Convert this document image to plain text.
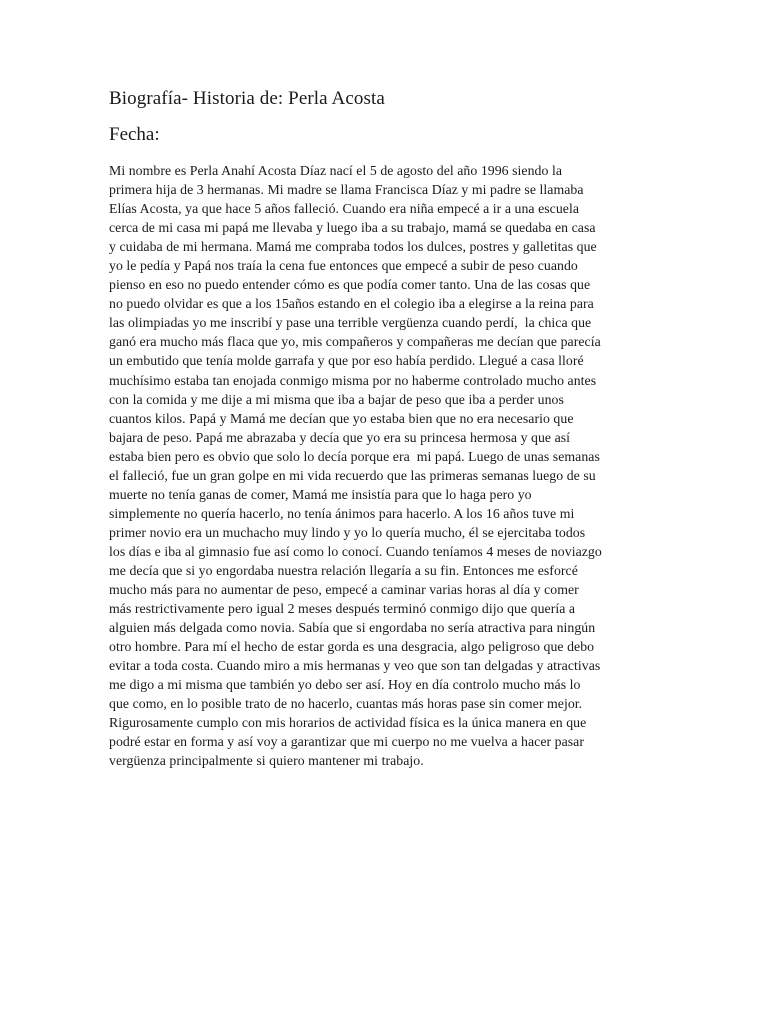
Biografía- Historia de: Perla Acosta
Fecha:
Mi nombre es Perla Anahí Acosta Díaz nací el 5 de agosto del año 1996 siendo la
primera hija de 3 hermanas. Mi madre se llama Francisca Díaz y mi padre se llamaba
Elías Acosta, ya que hace 5 años falleció. Cuando era niña empecé a ir a una escuela
cerca de mi casa mi papá me llevaba y luego iba a su trabajo, mamá se quedaba en casa
y cuidaba de mi hermana. Mamá me compraba todos los dulces, postres y galletitas que
yo le pedía y Papá nos traía la cena fue entonces que empecé a subir de peso cuando
pienso en eso no puedo entender cómo es que podía comer tanto. Una de las cosas que
no puedo olvidar es que a los 15años estando en el colegio iba a elegirse a la reina para
las olimpiadas yo me inscribí y pase una terrible vergüenza cuando perdí,  la chica que
ganó era mucho más flaca que yo, mis compañeros y compañeras me decían que parecía
un embutido que tenía molde garrafa y que por eso había perdido. Llegué a casa lloré
muchísimo estaba tan enojada conmigo misma por no haberme controlado mucho antes
con la comida y me dije a mi misma que iba a bajar de peso que iba a perder unos
cuantos kilos. Papá y Mamá me decían que yo estaba bien que no era necesario que
bajara de peso. Papá me abrazaba y decía que yo era su princesa hermosa y que así
estaba bien pero es obvio que solo lo decía porque era  mi papá. Luego de unas semanas
el falleció, fue un gran golpe en mi vida recuerdo que las primeras semanas luego de su
muerte no tenía ganas de comer, Mamá me insistía para que lo haga pero yo
simplemente no quería hacerlo, no tenía ánimos para hacerlo. A los 16 años tuve mi
primer novio era un muchacho muy lindo y yo lo quería mucho, él se ejercitaba todos
los días e iba al gimnasio fue así como lo conocí. Cuando teníamos 4 meses de noviazgo
me decía que si yo engordaba nuestra relación llegaría a su fin. Entonces me esforcé
mucho más para no aumentar de peso, empecé a caminar varias horas al día y comer
más restrictivamente pero igual 2 meses después terminó conmigo dijo que quería a
alguien más delgada como novia. Sabía que si engordaba no sería atractiva para ningún
otro hombre. Para mí el hecho de estar gorda es una desgracia, algo peligroso que debo
evitar a toda costa. Cuando miro a mis hermanas y veo que son tan delgadas y atractivas
me digo a mi misma que también yo debo ser así. Hoy en día controlo mucho más lo
que como, en lo posible trato de no hacerlo, cuantas más horas pase sin comer mejor.
Rigurosamente cumplo con mis horarios de actividad física es la única manera en que
podré estar en forma y así voy a garantizar que mi cuerpo no me vuelva a hacer pasar
vergüenza principalmente si quiero mantener mi trabajo.
